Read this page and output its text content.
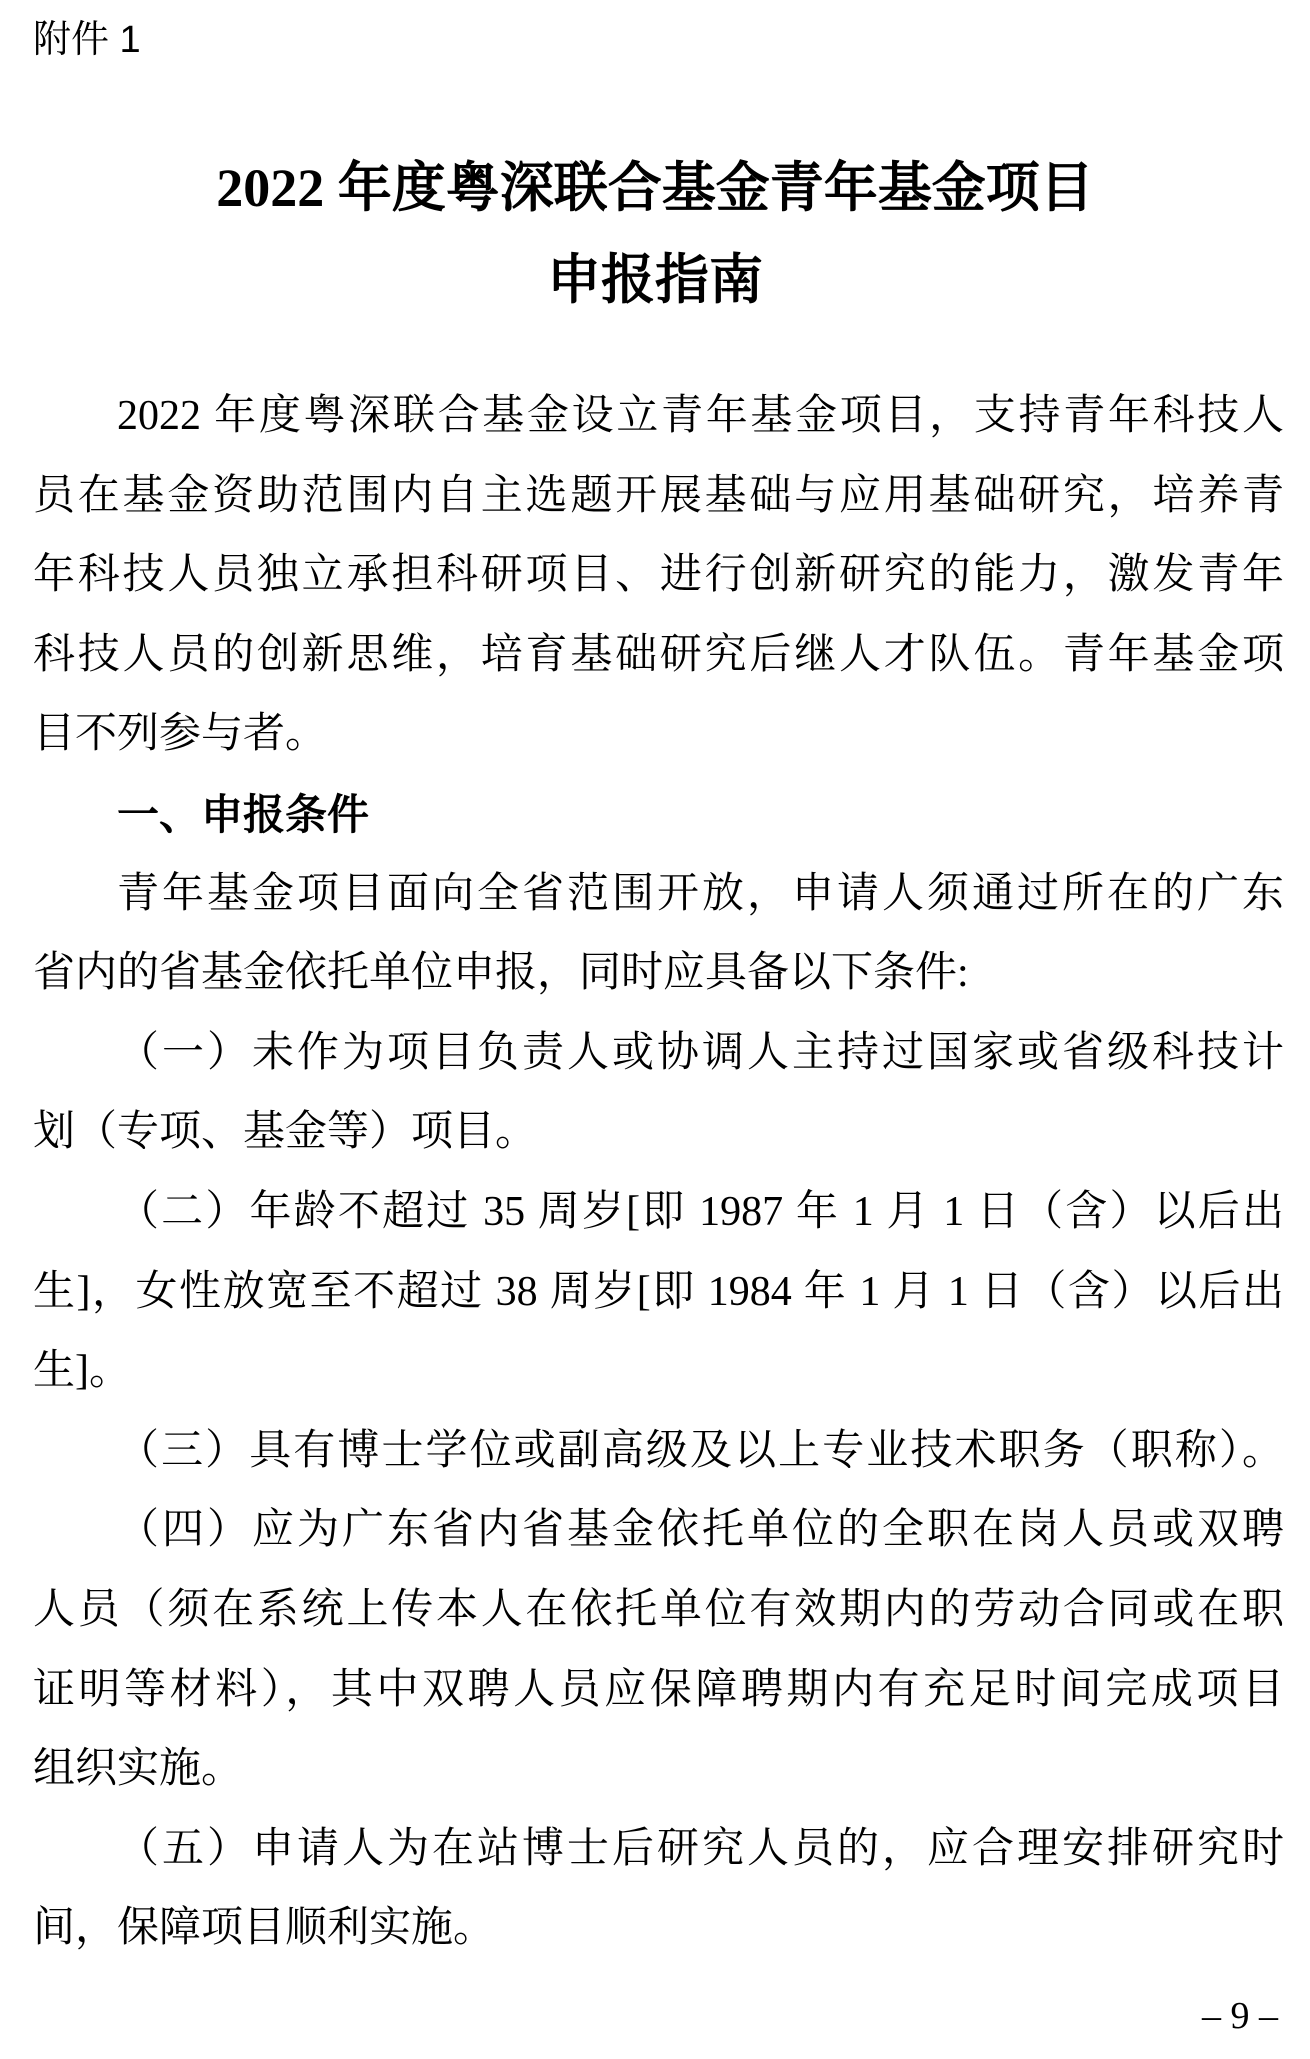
附件 1
2022 年度粤深联合基金青年基金项目
申报指南
2022 年度粤深联合基金设立青年基金项目，支持青年科技人
员在基金资助范围内自主选题开展基础与应用基础研究，培养青
年科技人员独立承担科研项目、进行创新研究的能力，激发青年
科技人员的创新思维，培育基础研究后继人才队伍。青年基金项
目不列参与者。
一、申报条件
青年基金项目面向全省范围开放，申请人须通过所在的广东
省内的省基金依托单位申报，同时应具备以下条件:
（一）未作为项目负责人或协调人主持过国家或省级科技计
划（专项、基金等）项目。
（二）年龄不超过 35 周岁[即 1987 年 1 月 1 日（含）以后出
生]，女性放宽至不超过 38 周岁[即 1984 年 1 月 1 日（含）以后出
生]。
（三）具有博士学位或副高级及以上专业技术职务（职称）。
（四）应为广东省内省基金依托单位的全职在岗人员或双聘
人员（须在系统上传本人在依托单位有效期内的劳动合同或在职
证明等材料），其中双聘人员应保障聘期内有充足时间完成项目
组织实施。
（五）申请人为在站博士后研究人员的，应合理安排研究时
间，保障项目顺利实施。
– 9 –
